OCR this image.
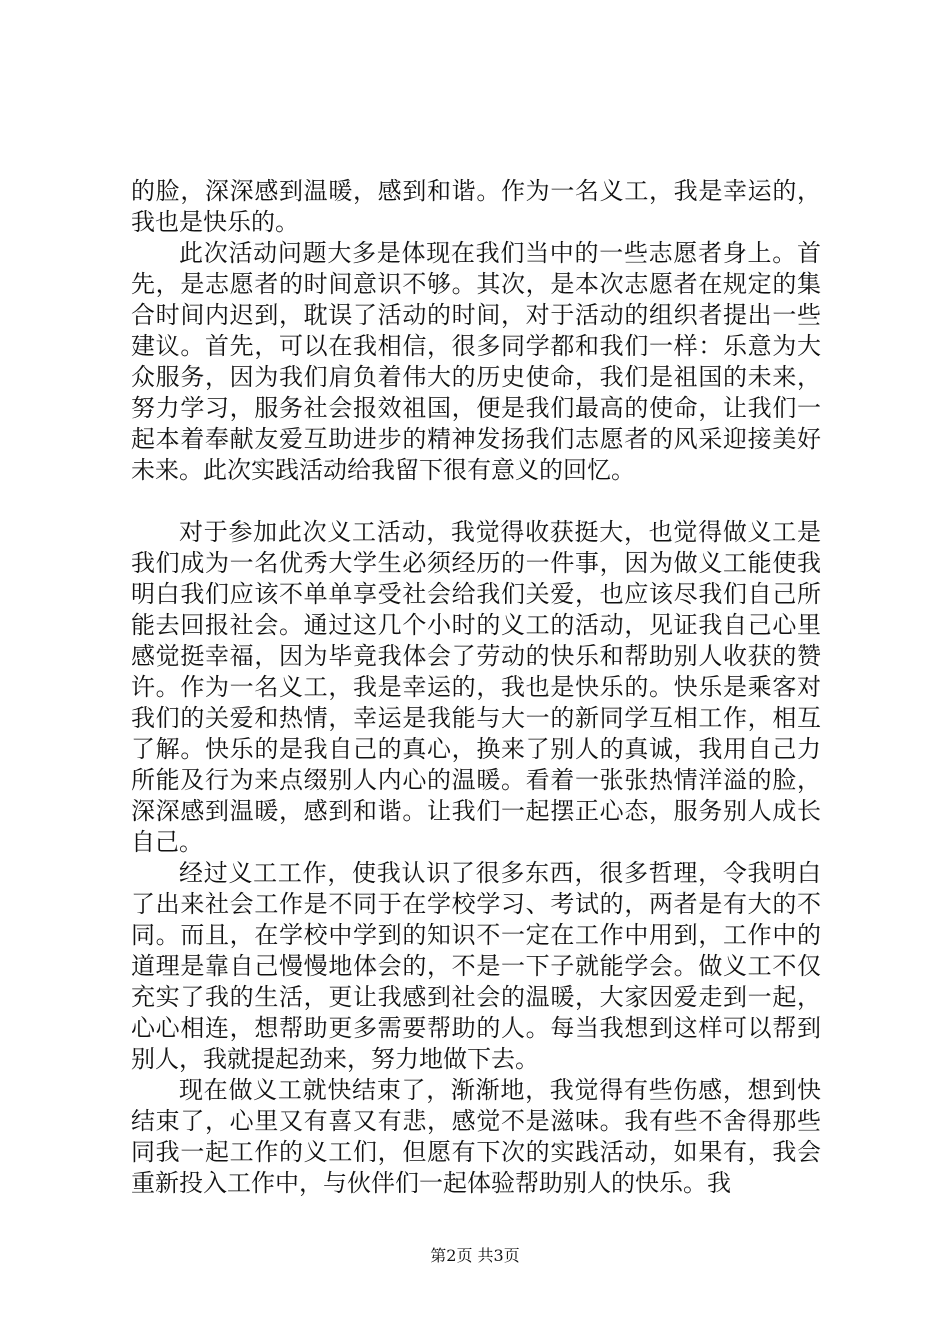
的脸，深深感到温暖，感到和谐。作为一名义工，我是幸运的，我也是快乐的。

此次活动问题大多是体现在我们当中的一些志愿者身上。首先，是志愿者的时间意识不够。其次，是本次志愿者在规定的集合时间内迟到，耽误了活动的时间，对于活动的组织者提出一些建议。首先，可以在我相信，很多同学都和我们一样：乐意为大众服务，因为我们肩负着伟大的历史使命，我们是祖国的未来，努力学习，服务社会报效祖国，便是我们最高的使命，让我们一起本着奉献友爱互助进步的精神发扬我们志愿者的风采迎接美好未来。此次实践活动给我留下很有意义的回忆。

对于参加此次义工活动，我觉得收获挺大，也觉得做义工是我们成为一名优秀大学生必须经历的一件事，因为做义工能使我明白我们应该不单单享受社会给我们关爱，也应该尽我们自己所能去回报社会。通过这几个小时的义工的活动，见证我自己心里感觉挺幸福，因为毕竟我体会了劳动的快乐和帮助别人收获的赞许。作为一名义工，我是幸运的，我也是快乐的。快乐是乘客对我们的关爱和热情，幸运是我能与大一的新同学互相工作，相互了解。快乐的是我自己的真心，换来了别人的真诚，我用自己力所能及行为来点缀别人内心的温暖。看着一张张热情洋溢的脸，深深感到温暖，感到和谐。让我们一起摆正心态，服务别人成长自己。

经过义工工作，使我认识了很多东西，很多哲理，令我明白了出来社会工作是不同于在学校学习、考试的，两者是有大的不同。而且，在学校中学到的知识不一定在工作中用到，工作中的道理是靠自己慢慢地体会的，不是一下子就能学会。做义工不仅充实了我的生活，更让我感到社会的温暖，大家因爱走到一起，心心相连，想帮助更多需要帮助的人。每当我想到这样可以帮到别人，我就提起劲来，努力地做下去。

现在做义工就快结束了，渐渐地，我觉得有些伤感，想到快结束了，心里又有喜又有悲，感觉不是滋味。我有些不舍得那些同我一起工作的义工们，但愿有下次的实践活动，如果有，我会重新投入工作中，与伙伴们一起体验帮助别人的快乐。我

第2页 共3页
